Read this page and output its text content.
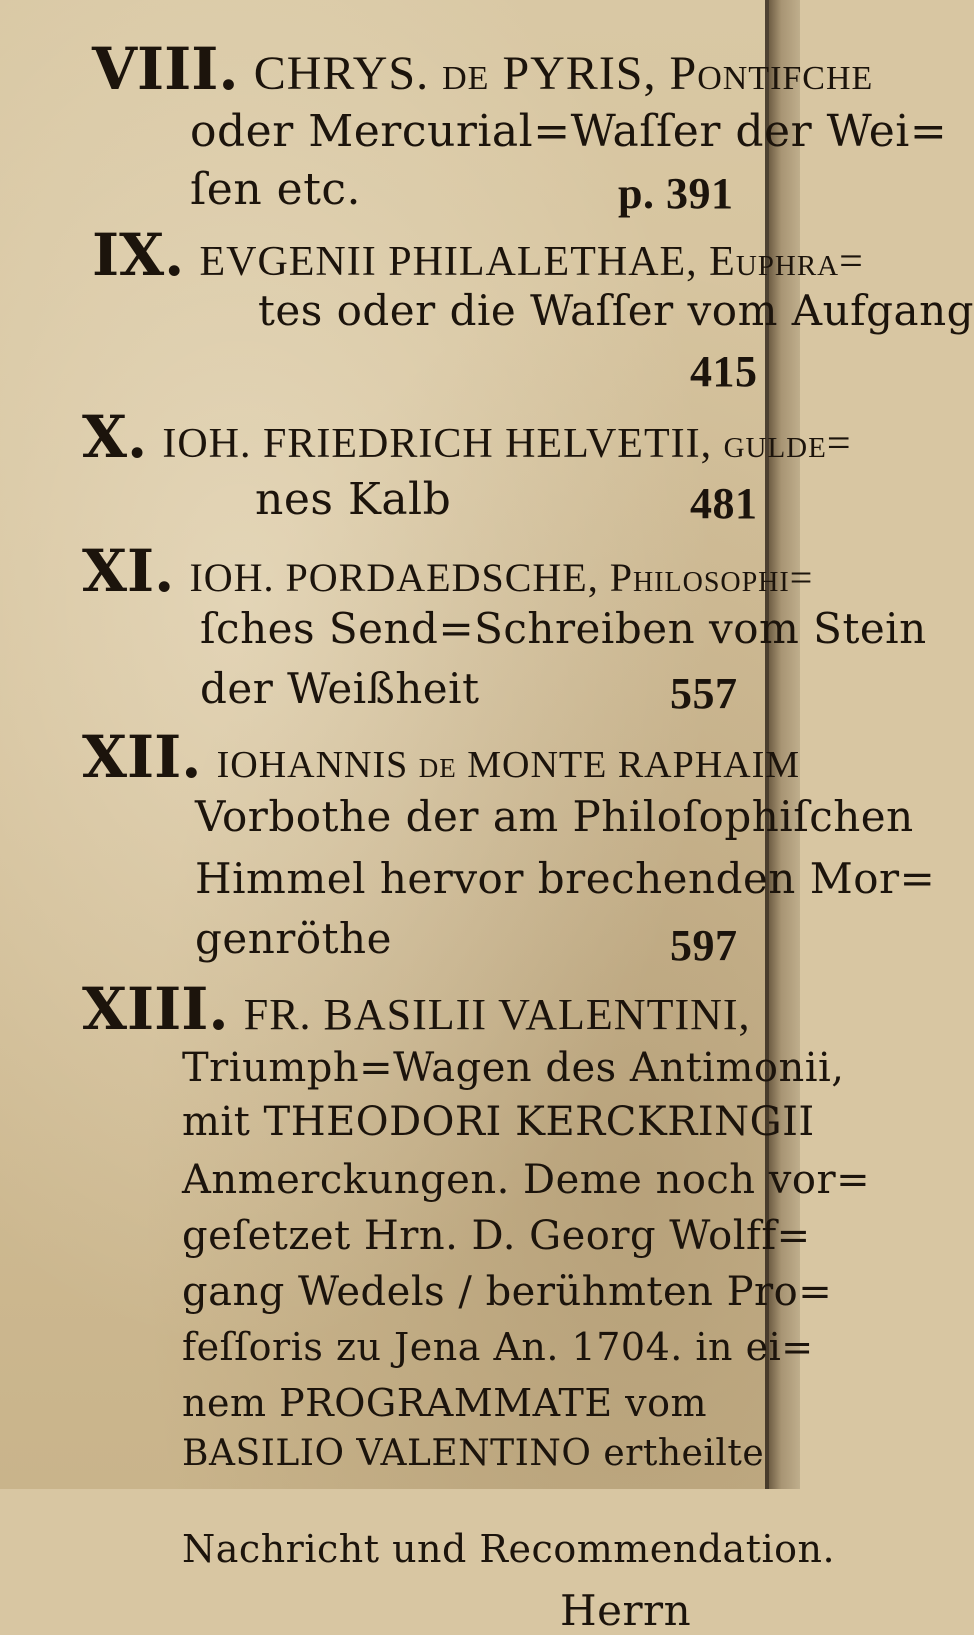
VIII. CHRYS. de PYRIS, Pontifche
oder Mercurial=Waſſer der Wei=
ſen etc.	p. 391
IX. EVGENII PHILALETHAE, Euphra=
tes oder die Waſſer vom Aufgang
415
X. IOH. FRIEDRICH HELVETII, gulde=
nes Kalb	481
XI. IOH. PORDAEDSCHE, Philoſophi=
ſches Send=Schreiben vom Stein
der Weißheit	557
XII. IOHANNIS de MONTE RAPHAIM
Vorbothe der am Philoſophiſchen
Himmel hervor brechenden Mor=
genröthe	597
XIII. FR. BASILII VALENTINI,
Triumph=Wagen des Antimonii,
mit THEODORI KERCKRINGII
Anmerckungen. Deme noch vor=
geſetzet Hrn. D. Georg Wolff=
gang Wedels / berühmten Pro=
feſſoris zu Jena An. 1704. in ei=
nem PROGRAMMATE vom
BASILIO VALENTINO ertheilte
Nachricht und Recommendation.
Herrn
